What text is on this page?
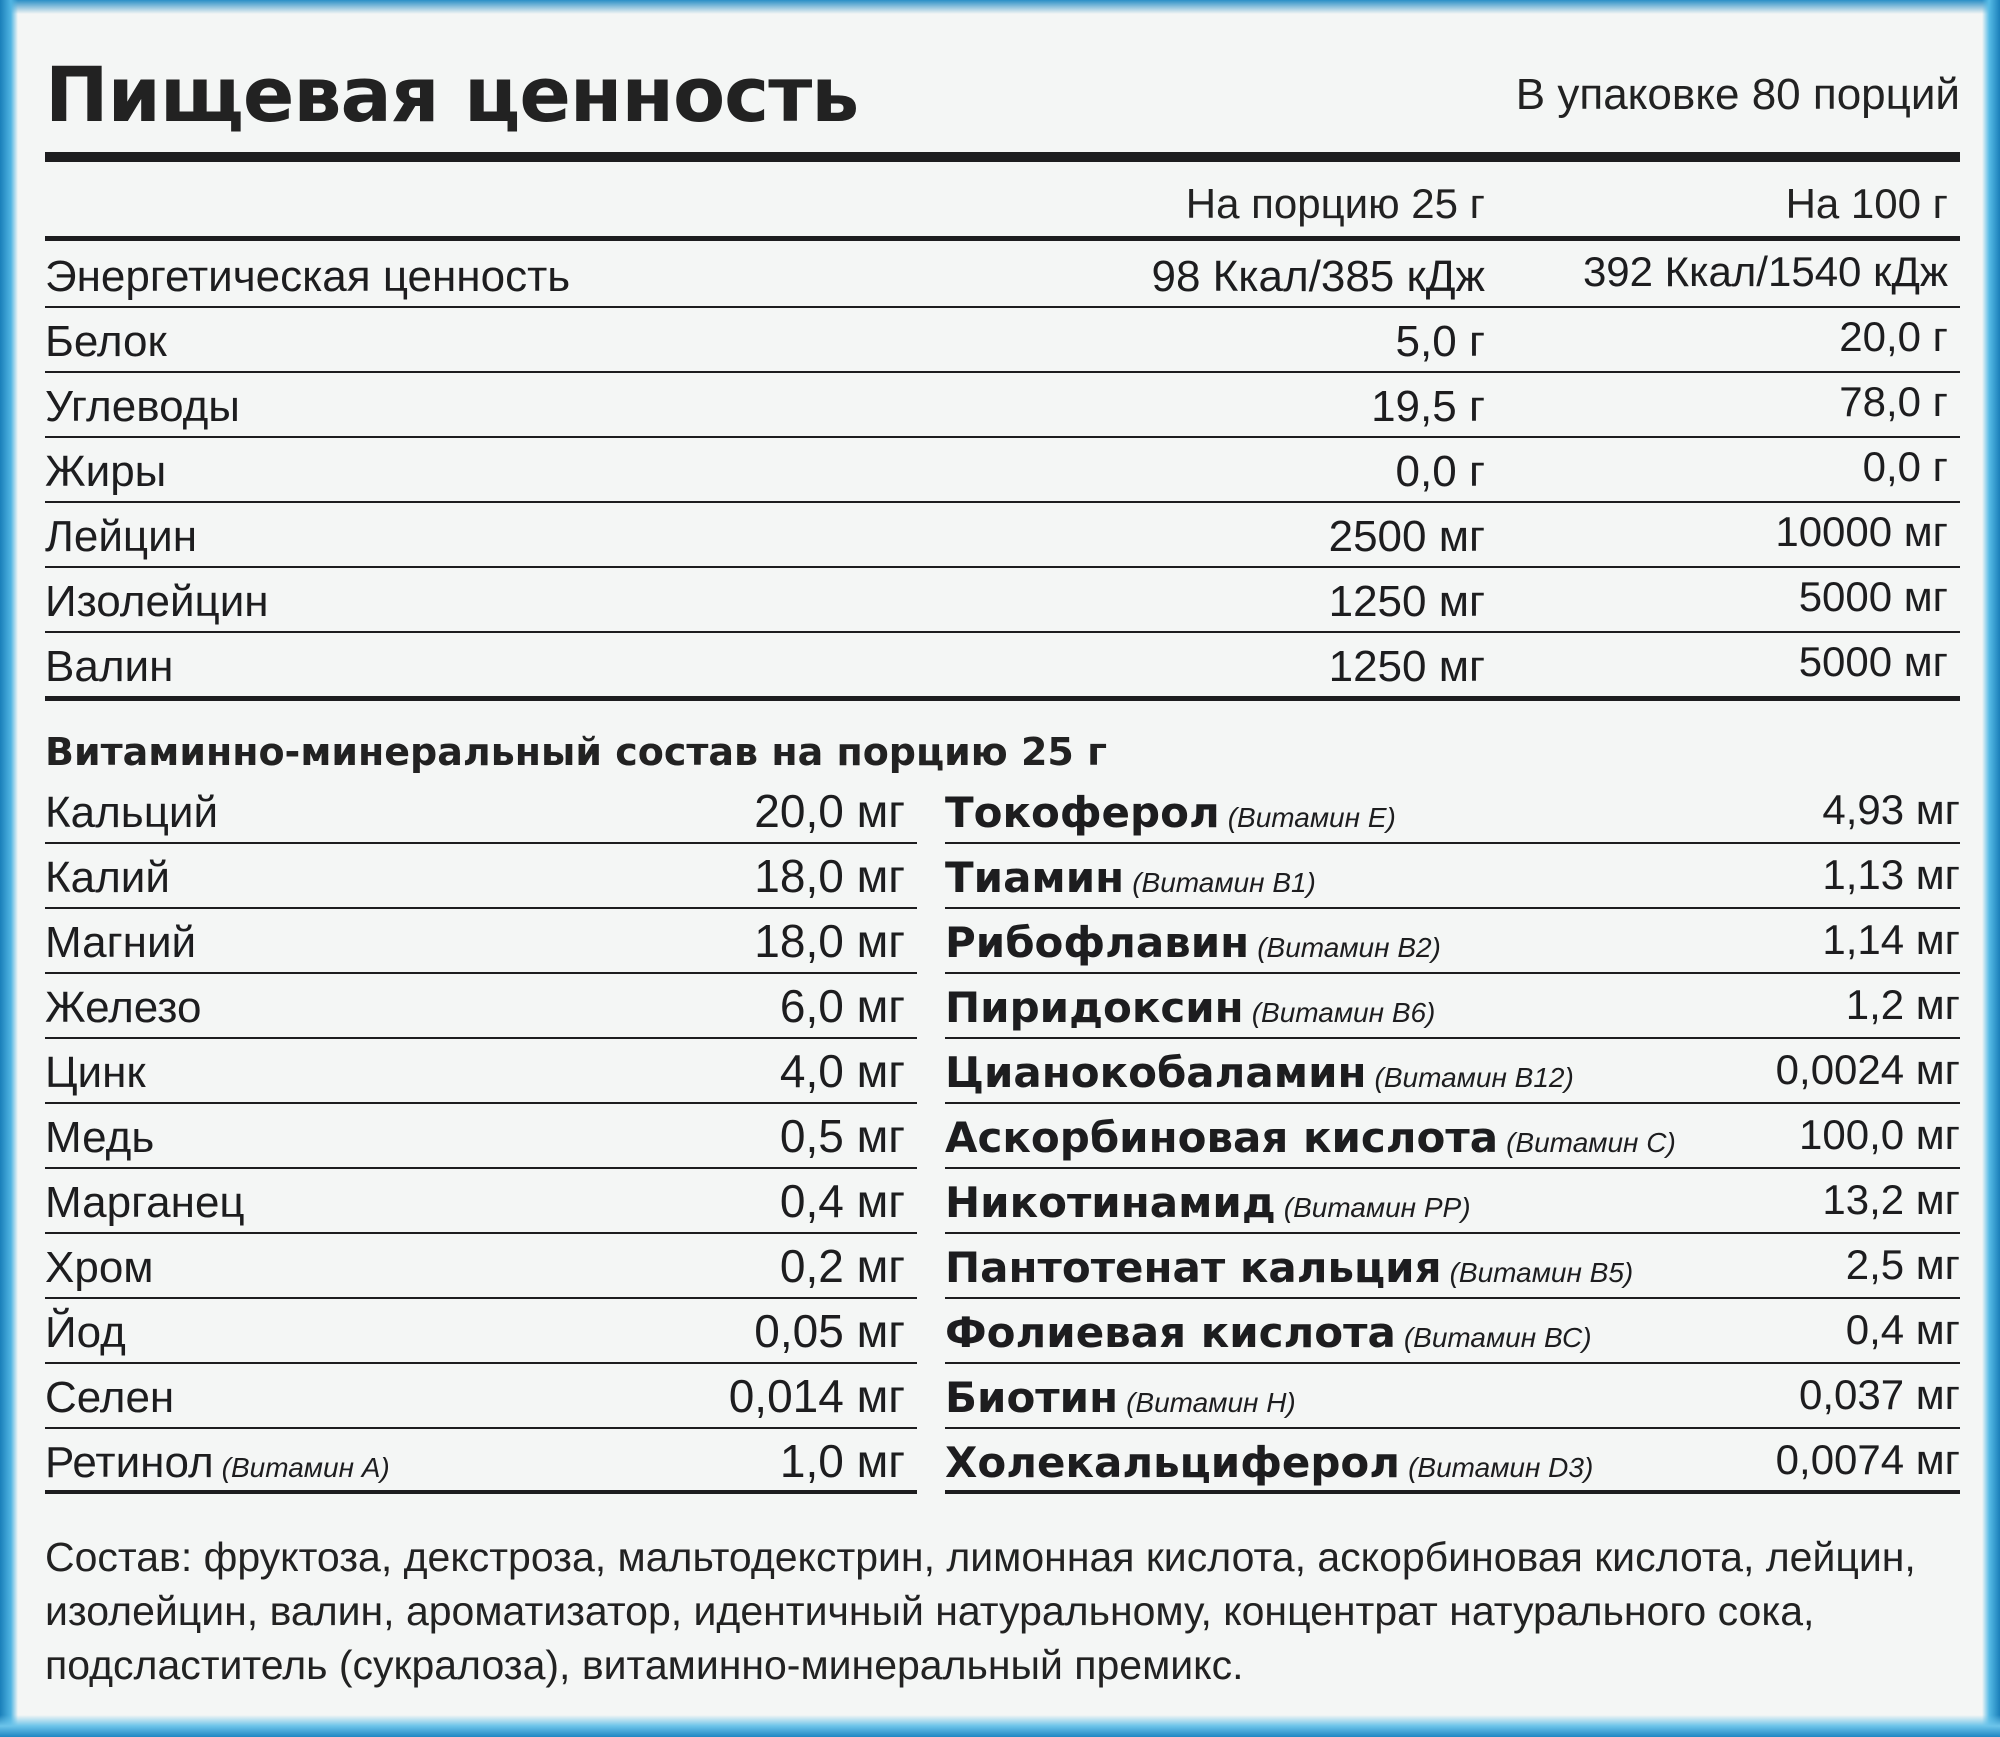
Пищевая ценность	В упаковке 80 порций
На порцию 25 г	На 100 г
Энергетическая ценность	98 Ккал/385 кДж 392 Ккал/1540 кДж
Белок	5,0 г	20,0 г
Углеводы	19,5 г	78,0 г
Жиры	0,0 г	0,0 г
Лейцин	2500 мг	10000 мг
Изолейцин	1250 мг	5000 мг
Валин	1250 мг	5000 мг
Витаминно-минеральный состав на порцию 25 г
Кальций	20,0 мг Токоферол (Витамин Е)	4,93 мг
Калий	18,0 мг Тиамин (Витамин В1)	1,13 мг
Магний	18,0 мг Рибофлавин (Витамин В2)	1,14 мг
Железо	6,0 мг Пиридоксин (Витамин В6)	1,2 мг
Цинк	4,0 мг Цианокобаламин (Витамин В12)	0,0024 мг
Медь	0,5 мг Аскорбиновая кислота (Витамин С)	100,0 мг
Марганец	0,4 мг Никотинамид (Витамин РР)	13,2 мг
Хром	0,2 мг Пантотенат кальция (Витамин В5)	2,5 мг
Йод	0,05 мг Фолиевая кислота (Витамин ВС)	0,4 мг
Селен	0,014 мг Биотин (Витамин Н)	0,037 мг
Ретинол (Витамин А)	1,0 мг Холекальциферол (Витамин D3)	0,0074 мг
Состав: фруктоза, декстроза, мальтодекстрин, лимонная кислота, аскорбиновая кислота, лейцин, изолейцин, валин, ароматизатор, идентичный натуральному, концентрат натурального сока, подсластитель (сукралоза), витаминно-минеральный премикс.
